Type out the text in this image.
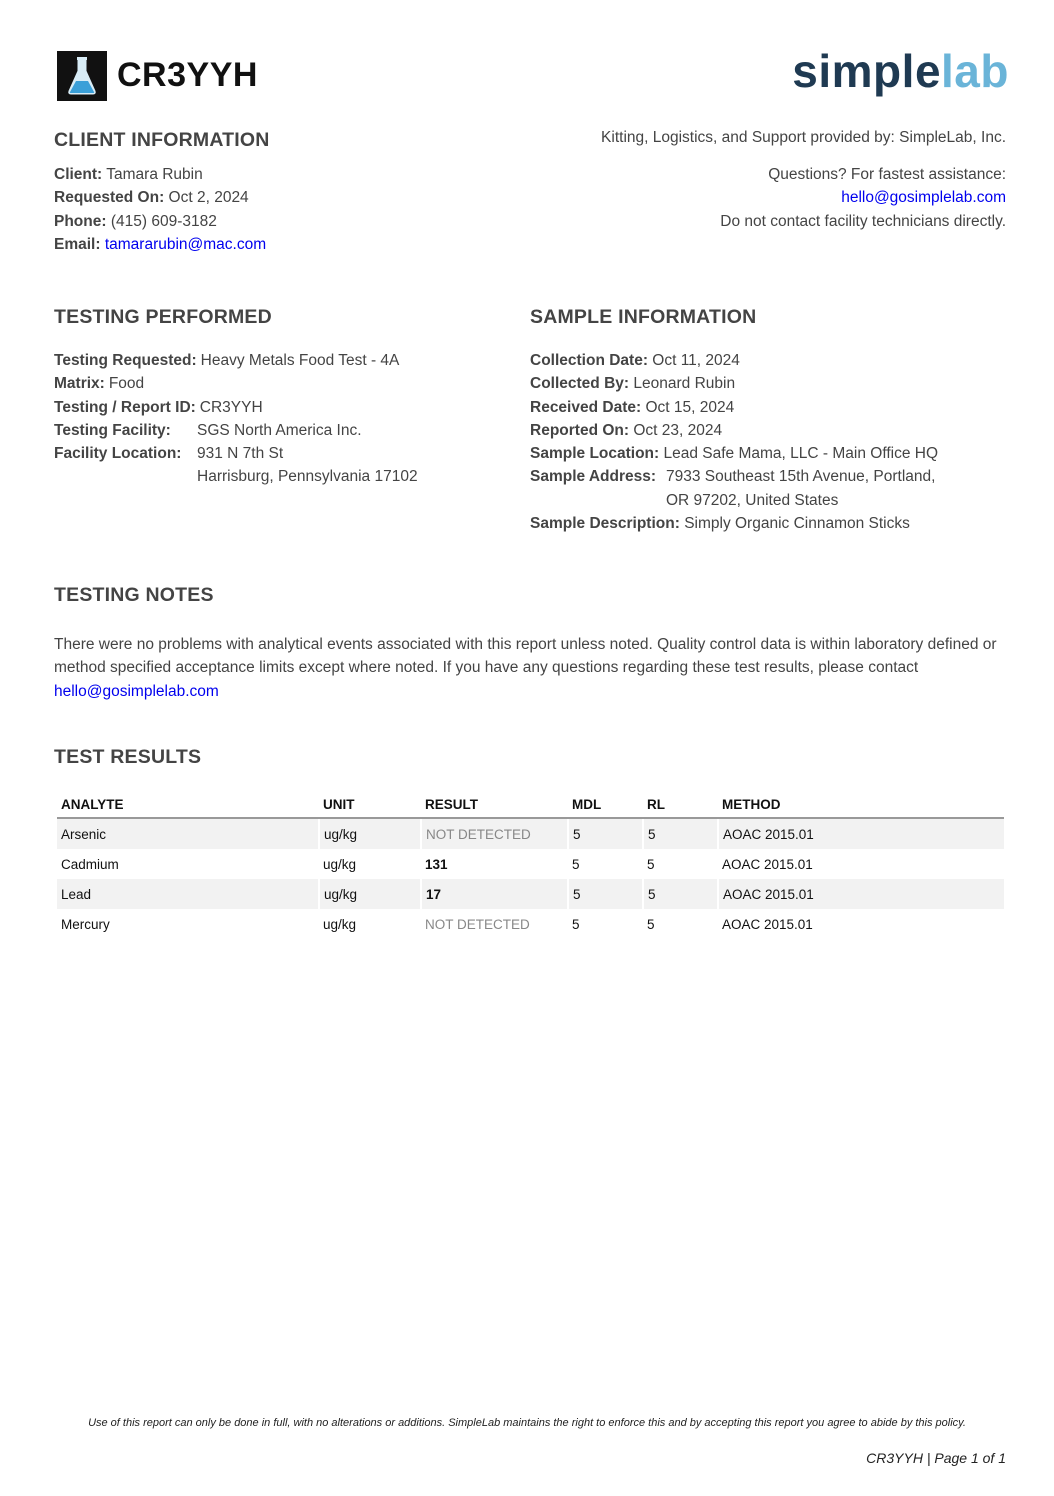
CR3YYH	simplelab
CLIENT INFORMATION
Client: Tamara Rubin
Requested On: Oct 2, 2024
Phone: (415) 609-3182
Email: tamararubin@mac.com
Kitting, Logistics, and Support provided by: SimpleLab, Inc.
Questions? For fastest assistance:
hello@gosimplelab.com
Do not contact facility technicians directly.
TESTING PERFORMED
Testing Requested: Heavy Metals Food Test - 4A
Matrix: Food
Testing / Report ID: CR3YYH
Testing Facility:	SGS North America Inc.
Facility Location:	931 N 7th St
Harrisburg, Pennsylvania 17102
SAMPLE INFORMATION
Collection Date: Oct 11, 2024
Collected By: Leonard Rubin
Received Date: Oct 15, 2024
Reported On: Oct 23, 2024
Sample Location: Lead Safe Mama, LLC - Main Office HQ
Sample Address: 7933 Southeast 15th Avenue, Portland,
OR 97202, United States
Sample Description: Simply Organic Cinnamon Sticks
TESTING NOTES
There were no problems with analytical events associated with this report unless noted. Quality control data is within laboratory defined or method specified acceptance limits except where noted. If you have any questions regarding these test results, please contact hello@gosimplelab.com
TEST RESULTS
ANALYTE	UNIT	RESULT	MDL	RL	METHOD
Arsenic	ug/kg	NOT DETECTED	5	5	AOAC 2015.01
Cadmium	ug/kg	131	5	5	AOAC 2015.01
Lead	ug/kg	17	5	5	AOAC 2015.01
Mercury	ug/kg	NOT DETECTED	5	5	AOAC 2015.01
Use of this report can only be done in full, with no alterations or additions. SimpleLab maintains the right to enforce this and by accepting this report you agree to abide by this policy.
CR3YYH | Page 1 of 1
